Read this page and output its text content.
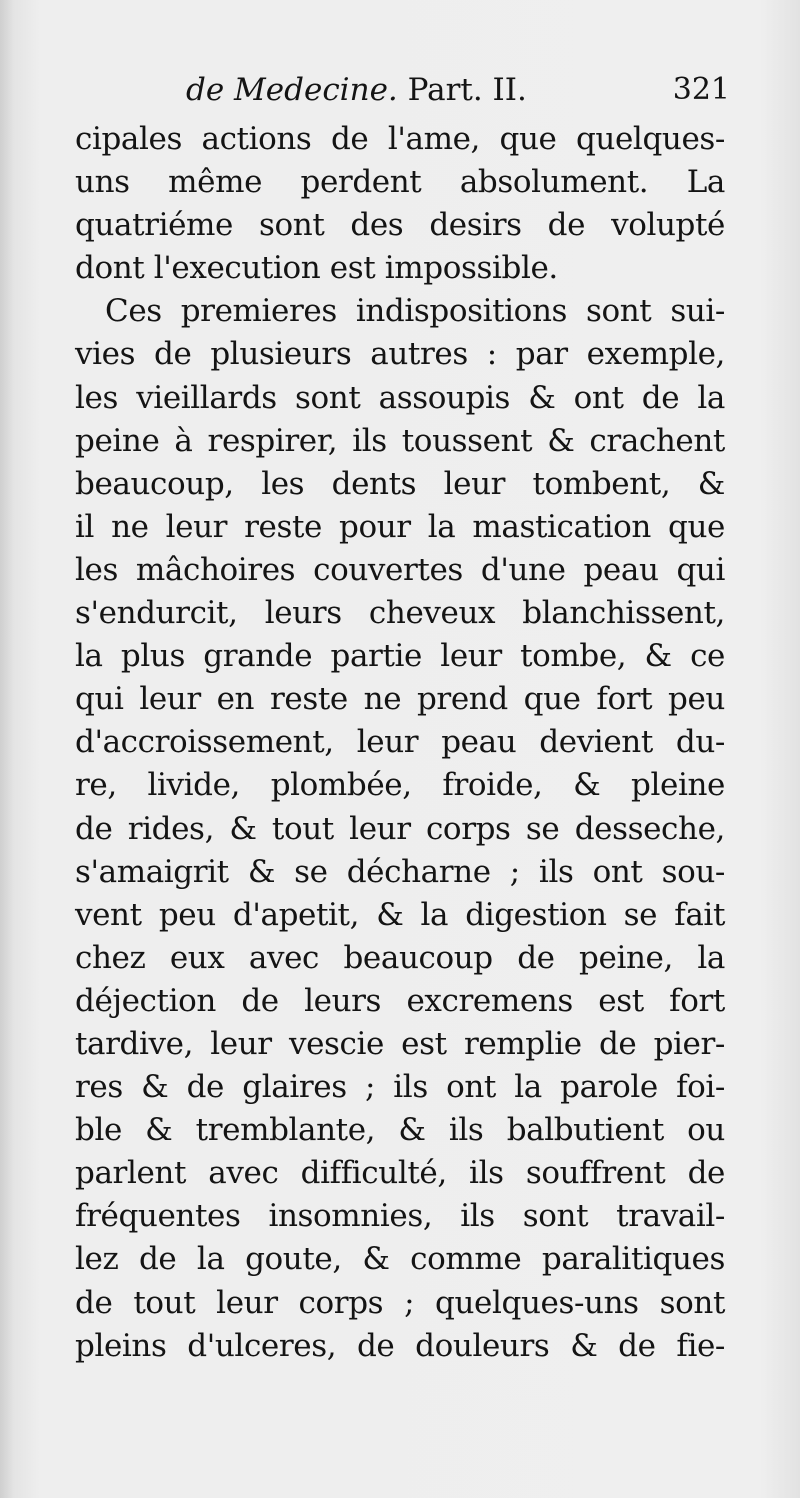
de Medecine. Part. II.	321
cipales actions de l'ame, que quelques-
uns même perdent absolument. La
quatriéme sont des desirs de volupté
dont l'execution est impossible.
Ces premieres indispositions sont sui-
vies de plusieurs autres : par exemple,
les vieillards sont assoupis & ont de la
peine à respirer, ils toussent & crachent
beaucoup, les dents leur tombent, &
il ne leur reste pour la mastication que
les mâchoires couvertes d'une peau qui
s'endurcit, leurs cheveux blanchissent,
la plus grande partie leur tombe, & ce
qui leur en reste ne prend que fort peu
d'accroissement, leur peau devient du-
re, livide, plombée, froide, & pleine
de rides, & tout leur corps se desseche,
s'amaigrit & se décharne ; ils ont sou-
vent peu d'apetit, & la digestion se fait
chez eux avec beaucoup de peine, la
déjection de leurs excremens est fort
tardive, leur vescie est remplie de pier-
res & de glaires ; ils ont la parole foi-
ble & tremblante, & ils balbutient ou
parlent avec difficulté, ils souffrent de
fréquentes insomnies, ils sont travail-
lez de la goute, & comme paralitiques
de tout leur corps ; quelques-uns sont
pleins d'ulceres, de douleurs & de fie-
